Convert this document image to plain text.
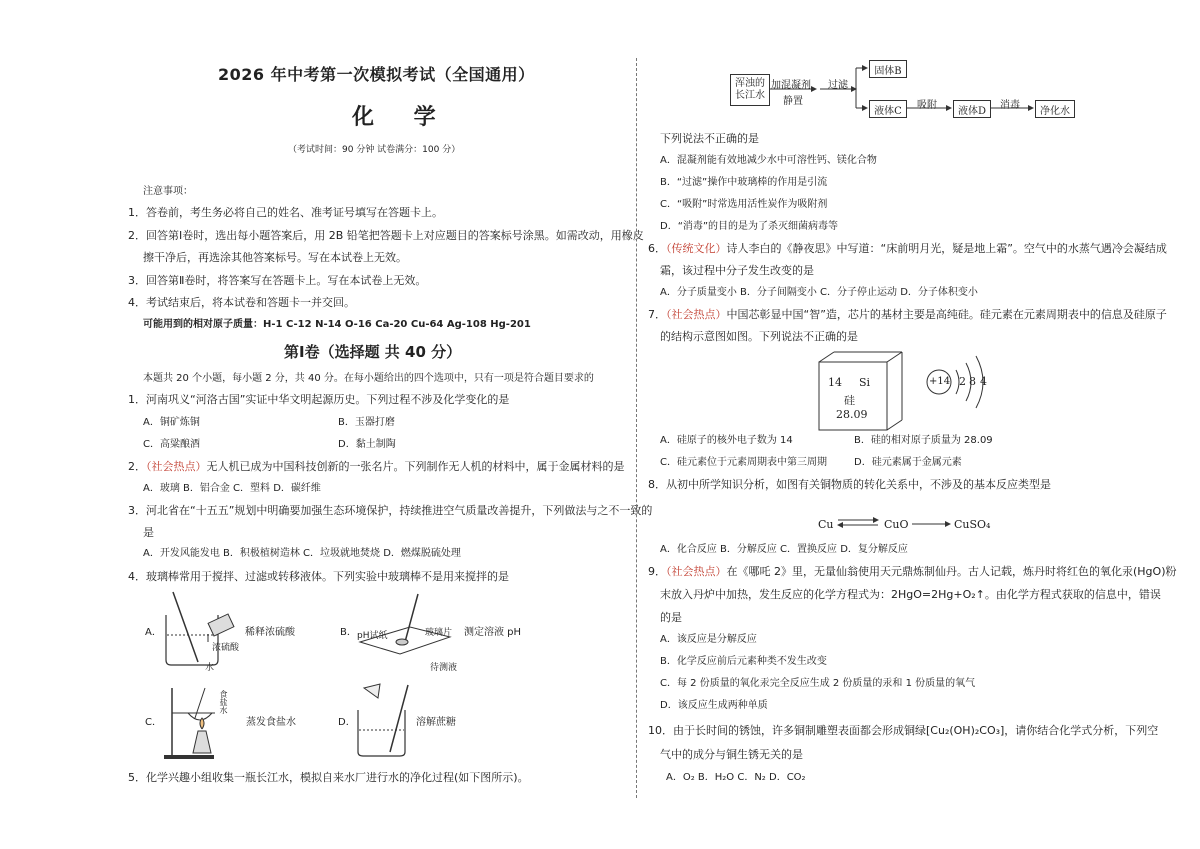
2026 年中考第一次模拟考试（全国通用）
化 学
（考试时间：90 分钟 试卷满分：100 分）
注意事项：
1．答卷前，考生务必将自己的姓名、准考证号填写在答题卡上。
2．回答第Ⅰ卷时，选出每小题答案后，用 2B 铅笔把答题卡上对应题目的答案标号涂黑。如需改动，用橡皮
擦干净后，再选涂其他答案标号。写在本试卷上无效。
3．回答第Ⅱ卷时，将答案写在答题卡上。写在本试卷上无效。
4．考试结束后，将本试卷和答题卡一并交回。
可能用到的相对原子质量：H-1 C-12 N-14 O-16 Ca-20 Cu-64 Ag-108 Hg-201
第Ⅰ卷（选择题 共 40 分）
本题共 20 个小题，每小题 2 分，共 40 分。在每小题给出的四个选项中，只有一项是符合题目要求的
1．河南巩义“河洛古国”实证中华文明起源历史。下列过程不涉及化学变化的是
A．铜矿炼铜	B．玉器打磨
C．高粱酿酒	D．黏土制陶
2．（社会热点）无人机已成为中国科技创新的一张名片。下列制作无人机的材料中，属于金属材料的是
A．玻璃 B．铝合金 C．塑料 D．碳纤维
3．河北省在“十五五”规划中明确要加强生态环境保护，持续推进空气质量改善提升，下列做法与之不一致的
是
A．开发风能发电 B．积极植树造林 C．垃圾就地焚烧 D．燃煤脱硫处理
4．玻璃棒常用于搅拌、过滤或转移液体。下列实验中玻璃棒不是用来搅拌的是
A．	稀释浓硫酸
浓硫酸
水
B． pH试纸	玻璃片
待测液
测定溶液 pH
C．
食盐水
蒸发食盐水	D．	溶解蔗糖
5．化学兴趣小组收集一瓶长江水，模拟自来水厂进行水的净化过程(如下图所示)。
浑浊的长江水
加混凝剂
静置
过滤
固体B
液体C 吸附 液体D 消毒 净化水
下列说法不正确的是
A．混凝剂能有效地减少水中可溶性钙、镁化合物
B．“过滤”操作中玻璃棒的作用是引流
C．“吸附”时常选用活性炭作为吸附剂
D．“消毒”的目的是为了杀灭细菌病毒等
6．（传统文化）诗人李白的《静夜思》中写道：“床前明月光，疑是地上霜”。空气中的水蒸气遇冷会凝结成
霜，该过程中分子发生改变的是
A．分子质量变小 B．分子间隔变小 C．分子停止运动 D．分子体积变小
7．（社会热点）中国芯彰显中国“智”造，芯片的基材主要是高纯硅。硅元素在元素周期表中的信息及硅原子
的结构示意图如图。下列说法不正确的是
14 Si
硅
28.09
+14 2 8 4
A．硅原子的核外电子数为 14	B．硅的相对原子质量为 28.09
C．硅元素位于元素周期表中第三周期	D．硅元素属于金属元素
8．从初中所学知识分析，如图有关铜物质的转化关系中，不涉及的基本反应类型是
Cu	CuO	CuSO₄
A．化合反应 B．分解反应 C．置换反应 D．复分解反应
9．（社会热点）在《哪吒 2》里，无量仙翁使用天元鼎炼制仙丹。古人记载，炼丹时将红色的氧化汞(HgO)粉
末放入丹炉中加热，发生反应的化学方程式为：2HgO=2Hg+O₂↑。由化学方程式获取的信息中，错误
的是
A．该反应是分解反应
B．化学反应前后元素种类不发生改变
C．每 2 份质量的氧化汞完全反应生成 2 份质量的汞和 1 份质量的氧气
D．该反应生成两种单质
10．由于长时间的锈蚀，许多铜制雕塑表面都会形成铜绿[Cu₂(OH)₂CO₃]，请你结合化学式分析，下列空
气中的成分与铜生锈无关的是
A．O₂ B．H₂O C．N₂ D．CO₂
